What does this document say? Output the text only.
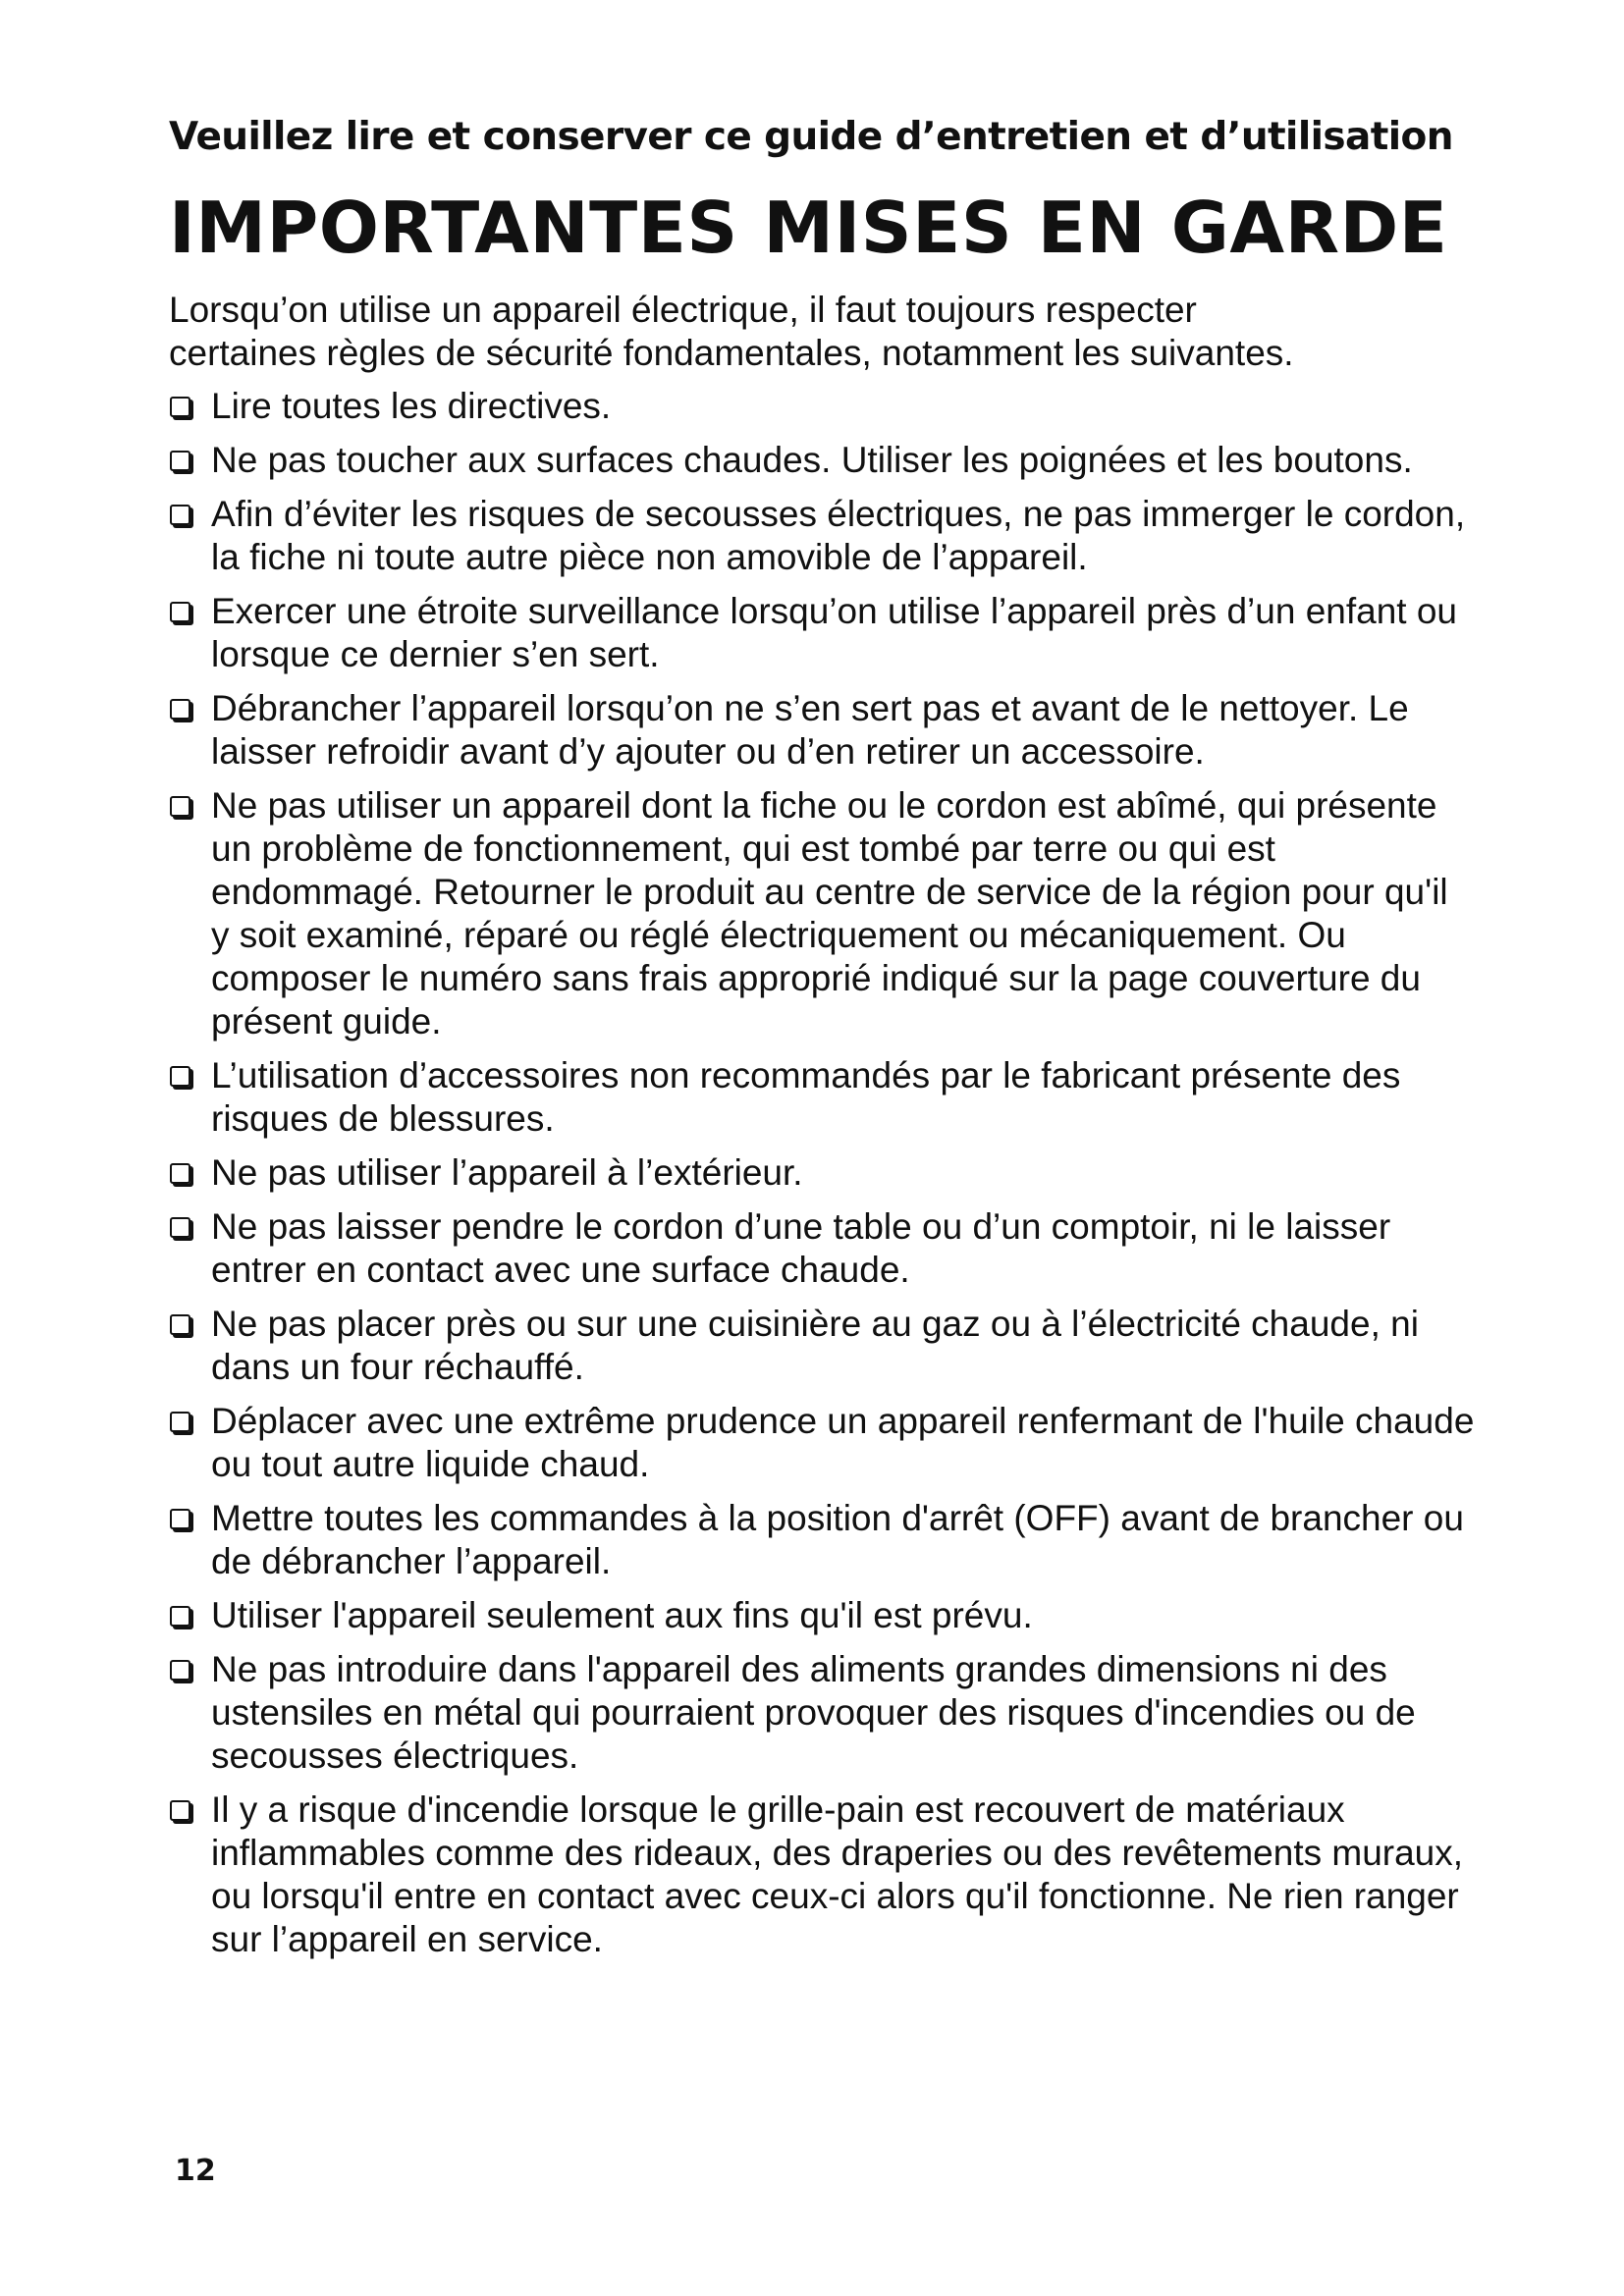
Veuillez lire et conserver ce guide d’entretien et d’utilisation
IMPORTANTES MISES EN GARDE

Lorsqu’on utilise un appareil électrique, il faut toujours respecter
certaines règles de sécurité fondamentales, notamment les suivantes.

Lire toutes les directives.
Ne pas toucher aux surfaces chaudes. Utiliser les poignées et les boutons.
Afin d’éviter les risques de secousses électriques, ne pas immerger le cordon, la fiche ni toute autre pièce non amovible de l’appareil.
Exercer une étroite surveillance lorsqu’on utilise l’appareil près d’un enfant ou lorsque ce dernier s’en sert.
Débrancher l’appareil lorsqu’on ne s’en sert pas et avant de le nettoyer. Le laisser refroidir avant d’y ajouter ou d’en retirer un accessoire.
Ne pas utiliser un appareil dont la fiche ou le cordon est abîmé, qui présente un problème de fonctionnement, qui est tombé par terre ou qui est endommagé. Retourner le produit au centre de service de la région pour qu'il y soit examiné, réparé ou réglé électriquement ou mécaniquement. Ou composer le numéro sans frais approprié indiqué sur la page couverture du présent guide.
L’utilisation d’accessoires non recommandés par le fabricant présente des risques de blessures.
Ne pas utiliser l’appareil à l’extérieur.
Ne pas laisser pendre le cordon d’une table ou d’un comptoir, ni le laisser entrer en contact avec une surface chaude.
Ne pas placer près ou sur une cuisinière au gaz ou à l’électricité chaude, ni dans un four réchauffé.
Déplacer avec une extrême prudence un appareil renfermant de l'huile chaude ou tout autre liquide chaud.
Mettre toutes les commandes à la position d'arrêt (OFF) avant de brancher ou de débrancher l’appareil.
Utiliser l'appareil seulement aux fins qu'il est prévu.
Ne pas introduire dans l'appareil des aliments grandes dimensions ni des ustensiles en métal qui pourraient provoquer des risques d'incendies ou de secousses électriques.
Il y a risque d'incendie lorsque le grille-pain est recouvert de matériaux inflammables comme des rideaux, des draperies ou des revêtements muraux, ou lorsqu'il entre en contact avec ceux-ci alors qu'il fonctionne. Ne rien ranger sur l’appareil en service.
12
